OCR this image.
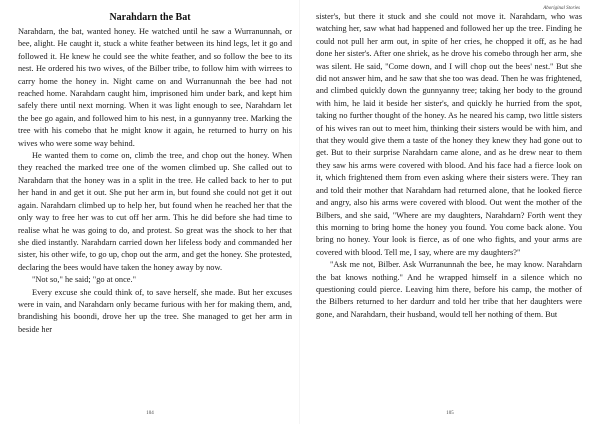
Narahdarn the Bat

Narahdarn, the bat, wanted honey. He watched until he saw a Wurranunnah, or bee, alight. He caught it, stuck a white feather between its hind legs, let it go and followed it. He knew he could see the white feather, and so follow the bee to its nest. He ordered his two wives, of the Bilber tribe, to follow him with wirrees to carry home the honey in. Night came on and Wurranunnah the bee had not reached home. Narahdarn caught him, imprisoned him under bark, and kept him safely there until next morning. When it was light enough to see, Narahdarn let the bee go again, and followed him to his nest, in a gunnyanny tree. Marking the tree with his comebo that he might know it again, he returned to hurry on his wives who were some way behind.

He wanted them to come on, climb the tree, and chop out the honey. When they reached the marked tree one of the women climbed up. She called out to Narahdarn that the honey was in a split in the tree. He called back to her to put her hand in and get it out. She put her arm in, but found she could not get it out again. Narahdarn climbed up to help her, but found when he reached her that the only way to free her was to cut off her arm. This he did before she had time to realise what he was going to do, and protest. So great was the shock to her that she died instantly. Narahdarn carried down her lifeless body and commanded her sister, his other wife, to go up, chop out the arm, and get the honey. She protested, declaring the bees would have taken the honey away by now.

"Not so," he said; "go at once."

Every excuse she could think of, to save herself, she made. But her excuses were in vain, and Narahdarn only became furious with her for making them, and, brandishing his boondi, drove her up the tree. She managed to get her arm in beside her

104
Aboriginal Stories

sister's, but there it stuck and she could not move it. Narahdarn, who was watching her, saw what had happened and followed her up the tree. Finding he could not pull her arm out, in spite of her cries, he chopped it off, as he had done her sister's. After one shriek, as he drove his comebo through her arm, she was silent. He said, "Come down, and I will chop out the bees' nest." But she did not answer him, and he saw that she too was dead. Then he was frightened, and climbed quickly down the gunnyanny tree; taking her body to the ground with him, he laid it beside her sister's, and quickly he hurried from the spot, taking no further thought of the honey. As he neared his camp, two little sisters of his wives ran out to meet him, thinking their sisters would be with him, and that they would give them a taste of the honey they knew they had gone out to get. But to their surprise Narahdarn came alone, and as he drew near to them they saw his arms were covered with blood. And his face had a fierce look on it, which frightened them from even asking where their sisters were. They ran and told their mother that Narahdarn had returned alone, that he looked fierce and angry, also his arms were covered with blood. Out went the mother of the Bilbers, and she said, "Where are my daughters, Narahdarn? Forth went they this morning to bring home the honey you found. You come back alone. You bring no honey. Your look is fierce, as of one who fights, and your arms are covered with blood. Tell me, I say, where are my daughters?"

"Ask me not, Bilber. Ask Wurranunnah the bee, he may know. Narahdarn the bat knows nothing." And he wrapped himself in a silence which no questioning could pierce. Leaving him there, before his camp, the mother of the Bilbers returned to her dardurr and told her tribe that her daughters were gone, and Narahdarn, their husband, would tell her nothing of them. But

105
